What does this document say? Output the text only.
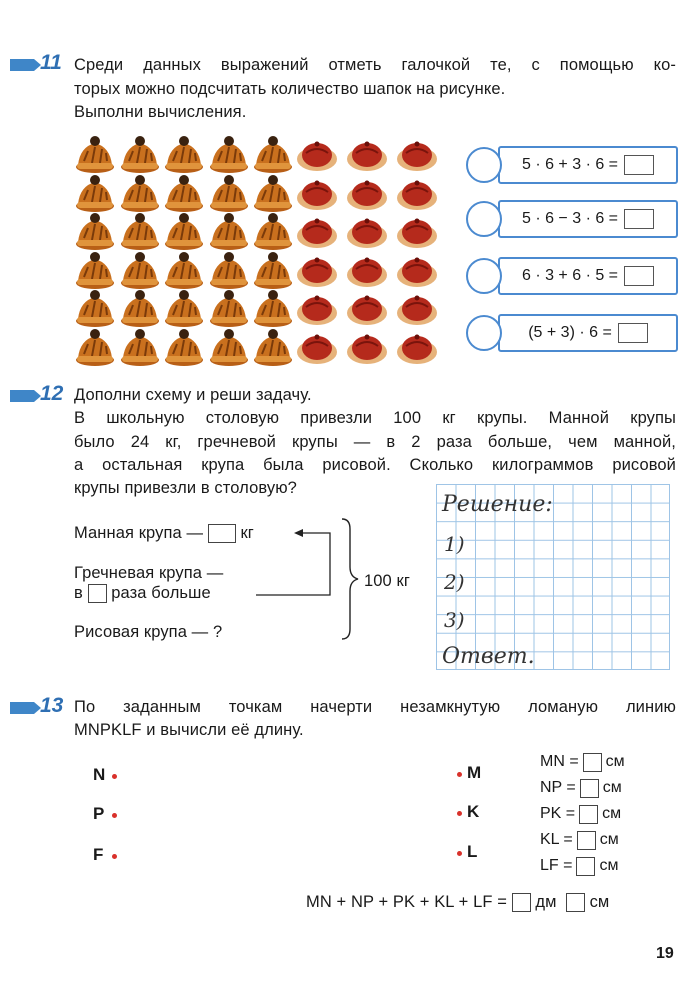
11 Среди данных выражений отметь галочкой те, с помощью ко-
торых можно подсчитать количество шапок на рисунке.
Выполни вычисления.
5 · 6 + 3 · 6 =
5 · 6 − 3 · 6 =
6 · 3 + 6 · 5 =
(5 + 3) · 6 =
12 Дополни схему и реши задачу.
В школьную столовую привезли 100 кг крупы. Манной крупы
было 24 кг, гречневой крупы — в 2 раза больше, чем манной,
а остальная крупа была рисовой. Сколько килограммов рисовой
крупы привезли в столовую?
Манная крупа — кг
Гречневая крупа —
в раза больше
Рисовая крупа — ?
100 кг
Решение:
1)
2)
3)
Ответ.
13 По заданным точкам начерти незамкнутую ломаную линию
MNPKLF и вычисли её длину.
N
P
F
M
K
L
MN = см
NP = см
PK = см
KL = см
LF = см
MN + NP + PK + KL + LF = дм см
19
